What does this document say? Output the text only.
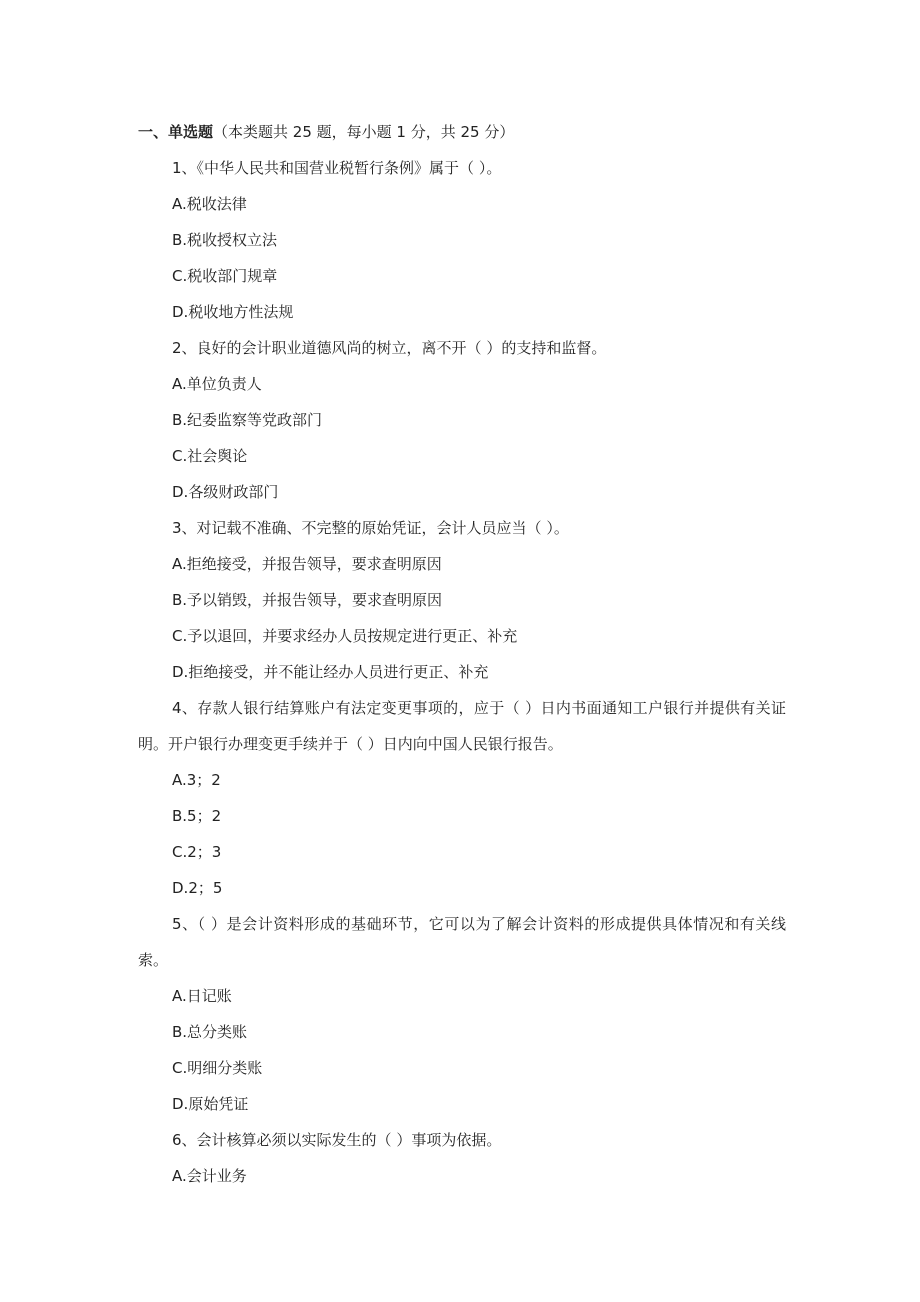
一、单选题（本类题共 25 题，每小题 1 分，共 25 分）
1、《中华人民共和国营业税暂行条例》属于（ ）。
A.税收法律
B.税收授权立法
C.税收部门规章
D.税收地方性法规
2、良好的会计职业道德风尚的树立，离不开（ ）的支持和监督。
A.单位负责人
B.纪委监察等党政部门
C.社会舆论
D.各级财政部门
3、对记载不准确、不完整的原始凭证，会计人员应当（ ）。
A.拒绝接受，并报告领导，要求查明原因
B.予以销毁，并报告领导，要求查明原因
C.予以退回，并要求经办人员按规定进行更正、补充
D.拒绝接受，并不能让经办人员进行更正、补充
4、存款人银行结算账户有法定变更事项的，应于（ ）日内书面通知工户银行并提供有关证明。开户银行办理变更手续并于（ ）日内向中国人民银行报告。
A.3；2
B.5；2
C.2；3
D.2；5
5、（ ）是会计资料形成的基础环节，它可以为了解会计资料的形成提供具体情况和有关线索。
A.日记账
B.总分类账
C.明细分类账
D.原始凭证
6、会计核算必须以实际发生的（ ）事项为依据。
A.会计业务
